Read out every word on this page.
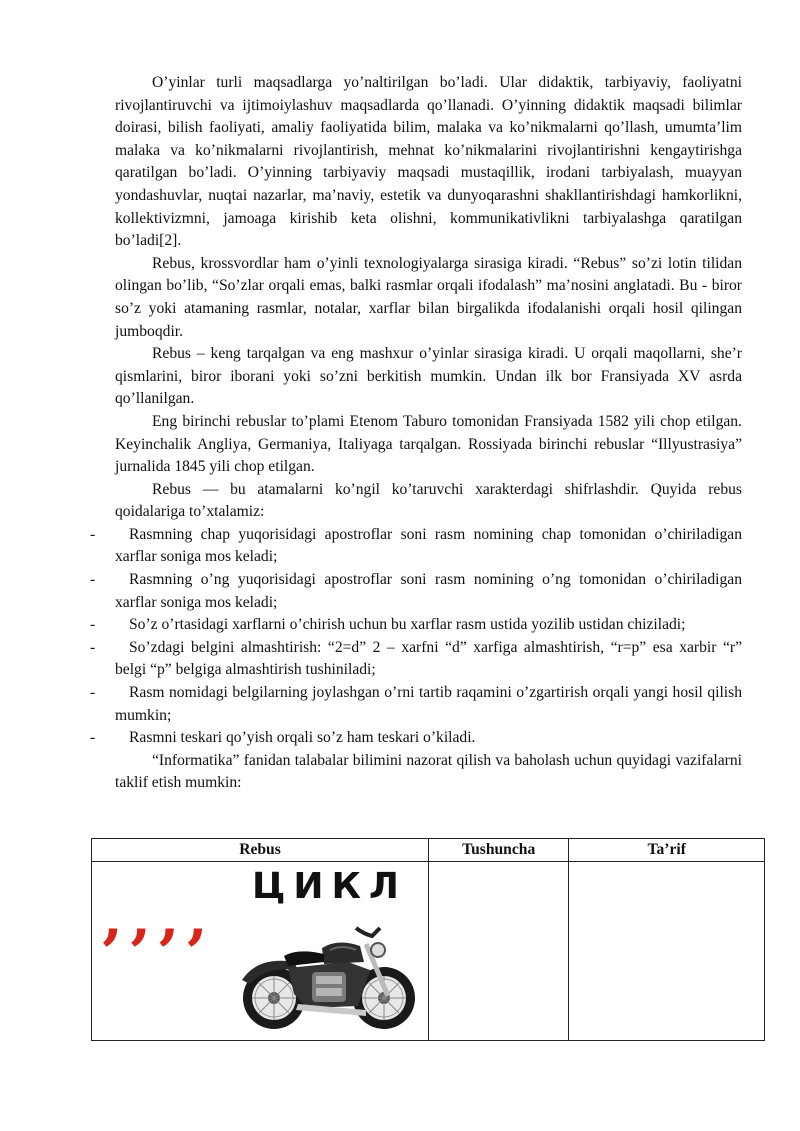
O’yinlar turli maqsadlarga yo’naltirilgan bo’ladi. Ular didaktik, tarbiyaviy, faoliyatni rivojlantiruvchi va ijtimoiylashuv maqsadlarda qo’llanadi. O’yinning didaktik maqsadi bilimlar doirasi, bilish faoliyati, amaliy faoliyatida bilim, malaka va ko’nikmalarni qo’llash, umumta’lim malaka va ko’nikmalarni rivojlantirish, mehnat ko’nikmalarini rivojlantirishni kengaytirishga qaratilgan bo’ladi. O’yinning tarbiyaviy maqsadi mustaqillik, irodani tarbiyalash, muayyan yondashuvlar, nuqtai nazarlar, ma’naviy, estetik va dunyoqarashni shakllantirishdagi hamkorlikni, kollektivizmni, jamoaga kirishib keta olishni, kommunikativlikni tarbiyalashga qaratilgan bo’ladi[2].

Rebus, krossvordlar ham o’yinli texnologiyalarga sirasiga kiradi. “Rebus” so’zi lotin tilidan olingan bo’lib, “So’zlar orqali emas, balki rasmlar orqali ifodalash” ma’nosini anglatadi. Bu - biror so’z yoki atamaning rasmlar, notalar, xarflar bilan birgalikda ifodalanishi orqali hosil qilingan jumboqdir.

Rebus – keng tarqalgan va eng mashxur o’yinlar sirasiga kiradi. U orqali maqollarni, she’r qismlarini, biror iborani yoki so’zni berkitish mumkin. Undan ilk bor Fransiyada XV asrda qo’llanilgan.

Eng birinchi rebuslar to’plami Etenom Taburo tomonidan Fransiyada 1582 yili chop etilgan. Keyinchalik Angliya, Germaniya, Italiyaga tarqalgan. Rossiyada birinchi rebuslar “Illyustrasiya” jurnalida 1845 yili chop etilgan.

Rebus — bu atamalarni ko’ngil ko’taruvchi xarakterdagi shifrlashdir. Quyida rebus qoidalariga to’xtalamiz:

- Rasmning chap yuqorisidagi apostroflar soni rasm nomining chap tomonidan o’chiriladigan xarflar soniga mos keladi;
- Rasmning o’ng yuqorisidagi apostroflar soni rasm nomining o’ng tomonidan o’chiriladigan xarflar soniga mos keladi;
- So’z o’rtasidagi xarflarni o’chirish uchun bu xarflar rasm ustida yozilib ustidan chiziladi;
- So’zdagi belgini almashtirish: “2=d” 2 – xarfni “d” xarfiga almashtirish, “r=p” esa xarbir “r” belgi “p” belgiga almashtirish tushiniladi;
- Rasm nomidagi belgilarning joylashgan o’rni tartib raqamini o’zgartirish orqali yangi hosil qilish mumkin;
- Rasmni teskari qo’yish orqali so’z ham teskari o’kiladi.

“Informatika” fanidan talabalar bilimini nazorat qilish va baholash uchun quyidagi vazifalarni taklif etish mumkin:

Rebus	Tushuncha	Ta’rif

ЦИКЛ
’’’’		
